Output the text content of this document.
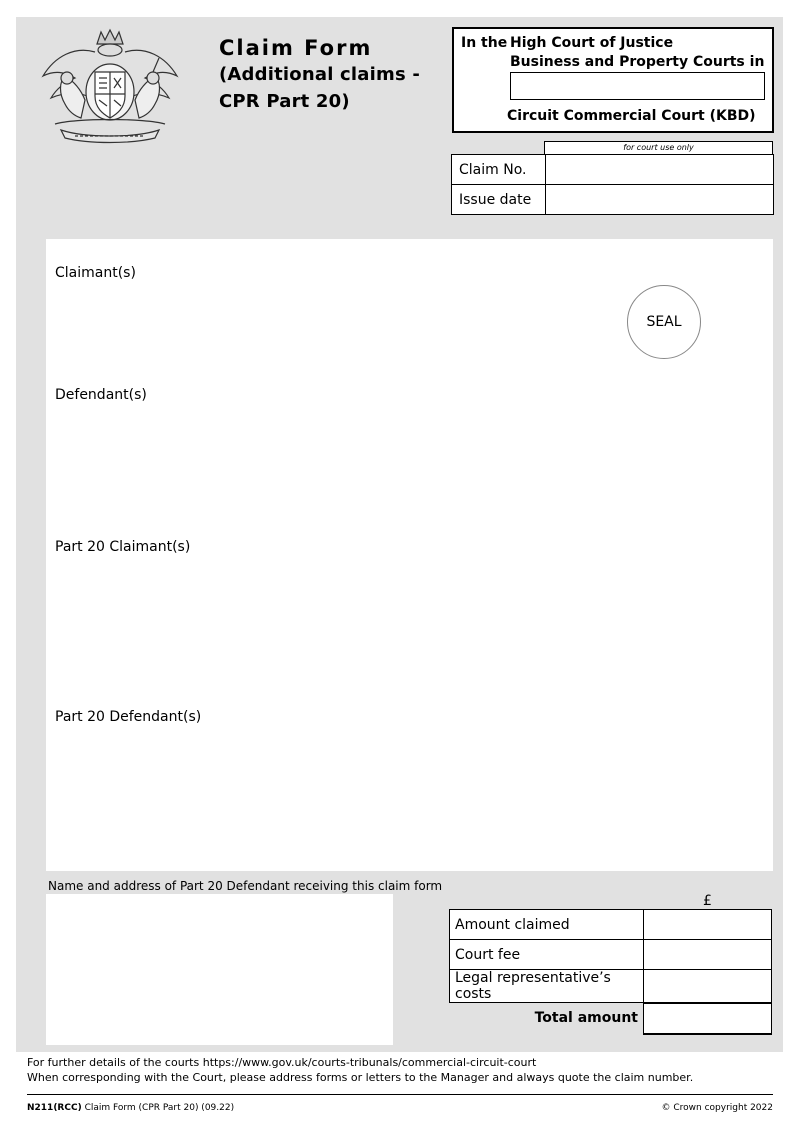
Claim Form
(Additional claims -
CPR Part 20)
In the High Court of Justice
Business and Property Courts in
Circuit Commercial Court (KBD)
for court use only
Claim No.	
Issue date	
Claimant(s)
Defendant(s)
Part 20 Claimant(s)
Part 20 Defendant(s)
SEAL
Name and address of Part 20 Defendant receiving this claim form
£
Amount claimed	
Court fee	
Legal representative’s costs	
Total amount	
For further details of the courts https://www.gov.uk/courts-tribunals/commercial-circuit-court
When corresponding with the Court, please address forms or letters to the Manager and always quote the claim number.
N211(RCC) Claim Form (CPR Part 20) (09.22)	© Crown copyright 2022
